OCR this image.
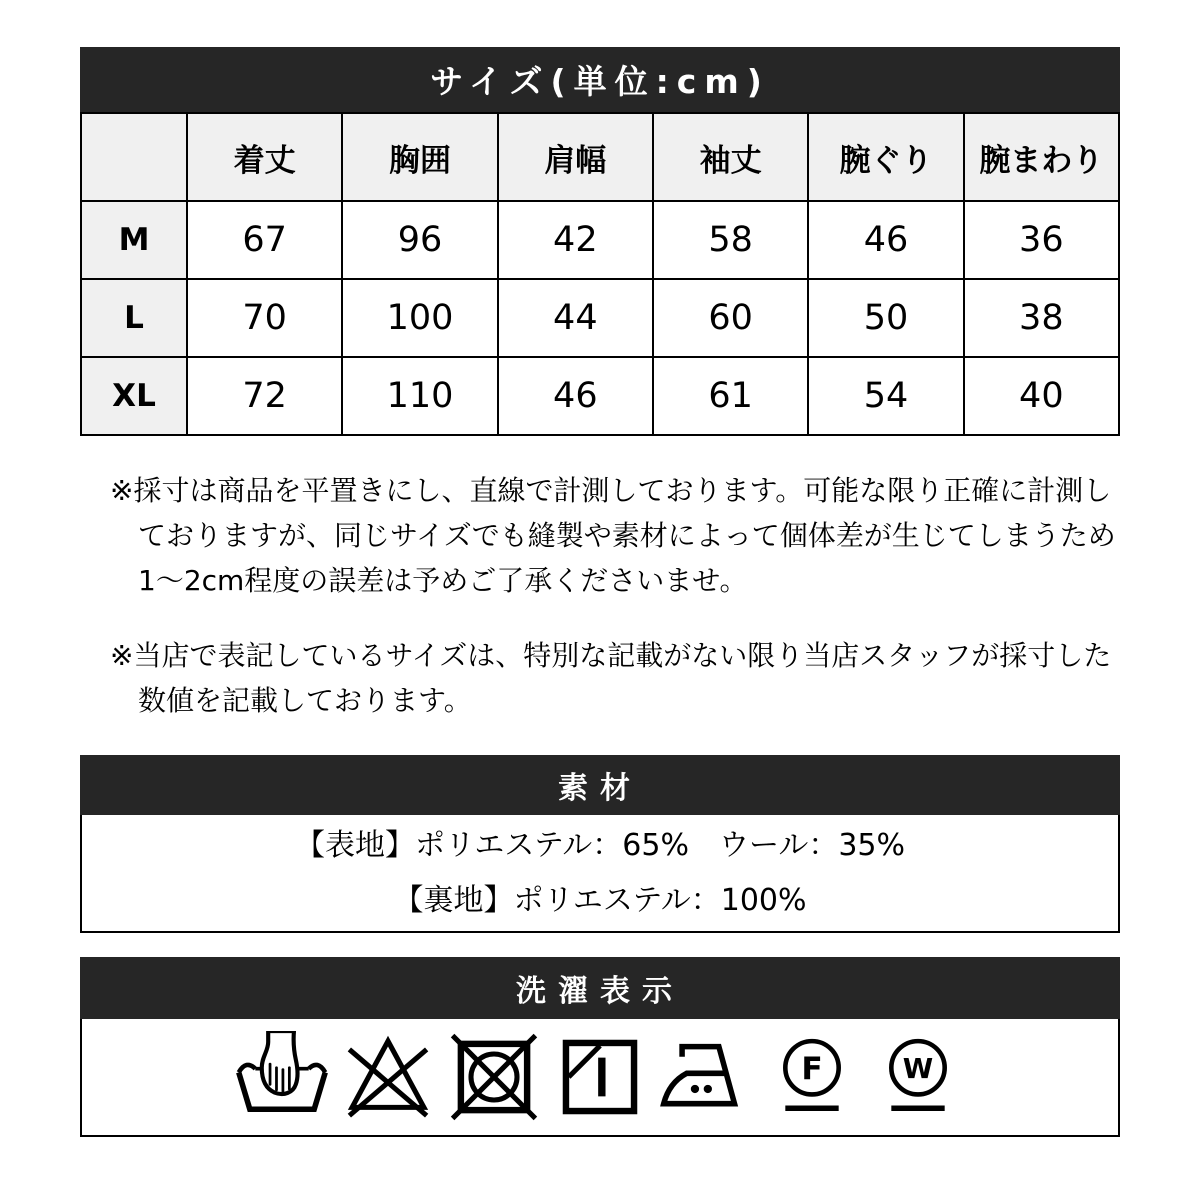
サイズ(単位:cm)
	着丈	胸囲	肩幅	袖丈	腕ぐり	腕まわり
M	67	96	42	58	46	36
L	70	100	44	60	50	38
XL	72	110	46	61	54	40
※採寸は商品を平置きにし、直線で計測しております。可能な限り正確に計測し
ておりますが、同じサイズでも縫製や素材によって個体差が生じてしまうため
1〜2cm程度の誤差は予めご了承くださいませ。
※当店で表記しているサイズは、特別な記載がない限り当店スタッフが採寸した
数値を記載しております。
素材
【表地】ポリエステル：65%　ウール：35%
【裏地】ポリエステル：100%
洗濯表示
F	W
